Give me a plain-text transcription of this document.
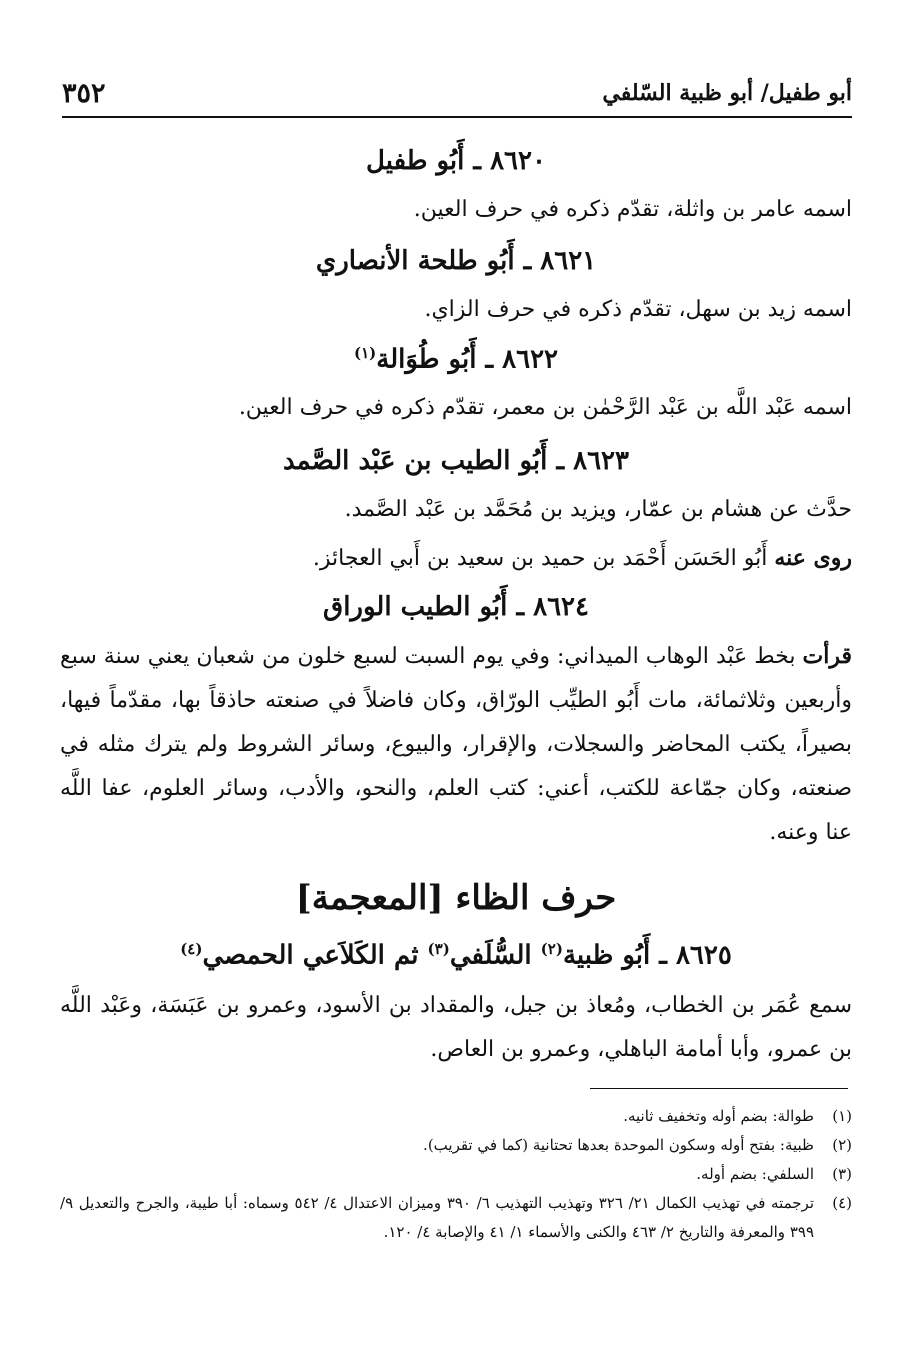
٣٥٢	أبو طفيل/ أبو ظبية السّلفي
٨٦٢٠ ـ أَبُو طفيل
اسمه عامر بن واثلة، تقدّم ذكره في حرف العين.
٨٦٢١ ـ أَبُو طلحة الأنصاري
اسمه زيد بن سهل، تقدّم ذكره في حرف الزاي.
٨٦٢٢ ـ أَبُو طُوَالة$^{(١)}$
اسمه عَبْد اللَّه بن عَبْد الرَّحْمٰن بن معمر، تقدّم ذكره في حرف العين.
٨٦٢٣ ـ أَبُو الطيب بن عَبْد الصَّمد
حدَّث عن هشام بن عمّار، ويزيد بن مُحَمَّد بن عَبْد الصَّمد.
روى عنه أَبُو الحَسَن أَحْمَد بن حميد بن سعيد بن أَبي العجائز.
٨٦٢٤ ـ أَبُو الطيب الوراق
قرأت بخط عَبْد الوهاب الميداني: وفي يوم السبت لسبع خلون من شعبان يعني سنة سبع وأربعين وثلاثمائة، مات أَبُو الطيِّب الورّاق، وكان فاضلاً في صنعته حاذقاً بها، مقدّماً فيها، بصيراً، يكتب المحاضر والسجلات، والإقرار، والبيوع، وسائر الشروط ولم يترك مثله في صنعته، وكان جمّاعة للكتب، أعني: كتب العلم، والنحو، والأدب، وسائر العلوم، عفا اللَّه عنا وعنه.
حرف الظاء [المعجمة]
٨٦٢٥ ـ أَبُو ظبية$^{(٢)}$ السُّلَفي$^{(٣)}$ ثم الكَلاَعي الحمصي$^{(٤)}$
سمع عُمَر بن الخطاب، ومُعاذ بن جبل، والمقداد بن الأسود، وعمرو بن عَبَسَة، وعَبْد اللَّه بن عمرو، وأبا أمامة الباهلي، وعمرو بن العاص.
(١)
طوالة: بضم أوله وتخفيف ثانيه.
(٢)
ظبية: بفتح أوله وسكون الموحدة بعدها تحتانية (كما في تقريب).
(٣)
السلفي: بضم أوله.
(٤)
ترجمته في تهذيب الكمال ٢١/ ٣٢٦ وتهذيب التهذيب ٦/ ٣٩٠ وميزان الاعتدال ٤/ ٥٤٢ وسماه: أبا طيبة، والجرح والتعديل ٩/ ٣٩٩ والمعرفة والتاريخ ٢/ ٤٦٣ والكنى والأسماء ١/ ٤١ والإصابة ٤/ ١٢٠.
